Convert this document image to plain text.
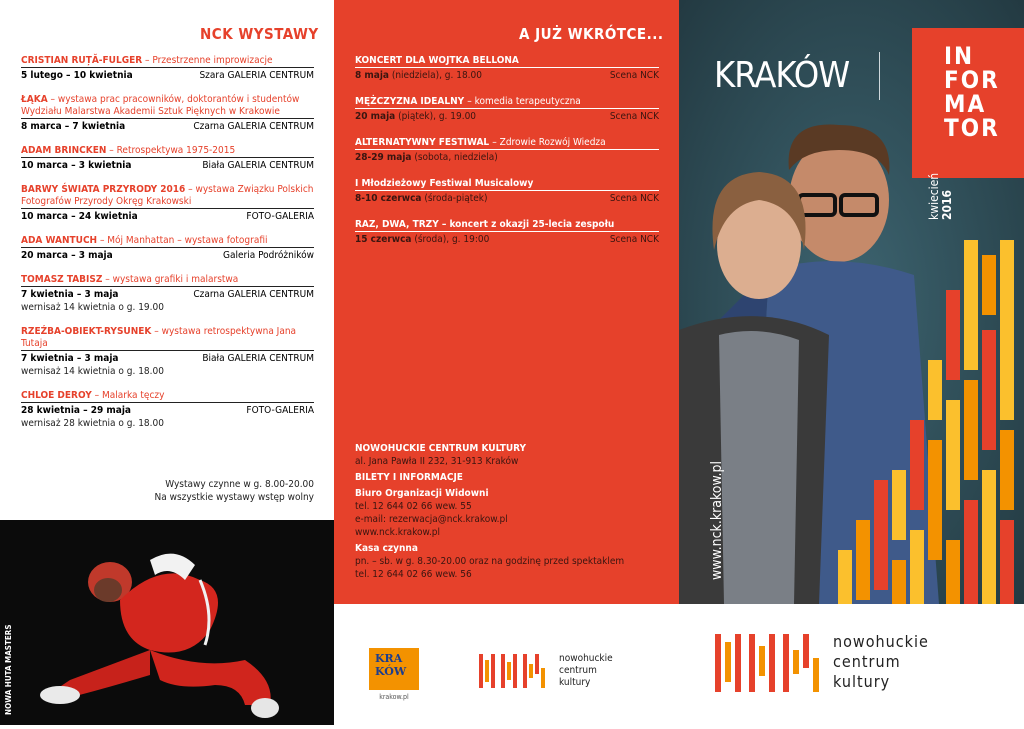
NCK WYSTAWY
CRISTIAN RUȚĂ-FULGER – Przestrzenne improwizacje
5 lutego – 10 kwietnia	Szara GALERIA CENTRUM
ŁĄKA – wystawa prac pracowników, doktorantów i studentów Wydziału Malarstwa Akademii Sztuk Pięknych w Krakowie
8 marca – 7 kwietnia	Czarna GALERIA CENTRUM
ADAM BRINCKEN – Retrospektywa 1975-2015
10 marca – 3 kwietnia	Biała GALERIA CENTRUM
BARWY ŚWIATA PRZYRODY 2016 – wystawa Związku Polskich Fotografów Przyrody Okręg Krakowski
10 marca – 24 kwietnia	FOTO-GALERIA
ADA WANTUCH – Mój Manhattan – wystawa fotografii
20 marca – 3 maja	Galeria Podróżników
TOMASZ TABISZ – wystawa grafiki i malarstwa
7 kwietnia – 3 maja	Czarna GALERIA CENTRUM
wernisaż 14 kwietnia o g. 19.00
RZEŹBA-OBIEKT-RYSUNEK – wystawa retrospektywna Jana Tutaja
7 kwietnia – 3 maja	Biała GALERIA CENTRUM
wernisaż 14 kwietnia o g. 18.00
CHLOE DEROY – Malarka tęczy
28 kwietnia – 29 maja	FOTO-GALERIA
wernisaż 28 kwietnia o g. 18.00
Wystawy czynne w g. 8.00-20.00
Na wszystkie wystawy wstęp wolny
NOWA HUTA MASTERS
A JUŻ WKRÓTCE...
KONCERT DLA WOJTKA BELLONA
8 maja (niedziela), g. 18.00	Scena NCK
MĘŻCZYZNA IDEALNY – komedia terapeutyczna
20 maja (piątek), g. 19.00	Scena NCK
ALTERNATYWNY FESTIWAL – Zdrowie Rozwój Wiedza
28-29 maja (sobota, niedziela)
I Młodzieżowy Festiwal Musicalowy
8-10 czerwca (środa-piątek)	Scena NCK
RAZ, DWA, TRZY – koncert z okazji 25-lecia zespołu
15 czerwca (środa), g. 19:00	Scena NCK
NOWOHUCKIE CENTRUM KULTURY
al. Jana Pawła II 232, 31-913 Kraków
BILETY I INFORMACJE
Biuro Organizacji Widowni
tel. 12 644 02 66 wew. 55
e-mail: rezerwacja@nck.krakow.pl
www.nck.krakow.pl
Kasa czynna
pn. – sb. w g. 8.30-20.00 oraz na godzinę przed spektaklem
tel. 12 644 02 66 wew. 56
KRA
KÓW
krakow.pl
nowohuckie
centrum
kultury
KRAKÓW	IN
FOR
MA
TOR
kwiecień 2016
www.nck.krakow.pl
nowohuckie
centrum
kultury
